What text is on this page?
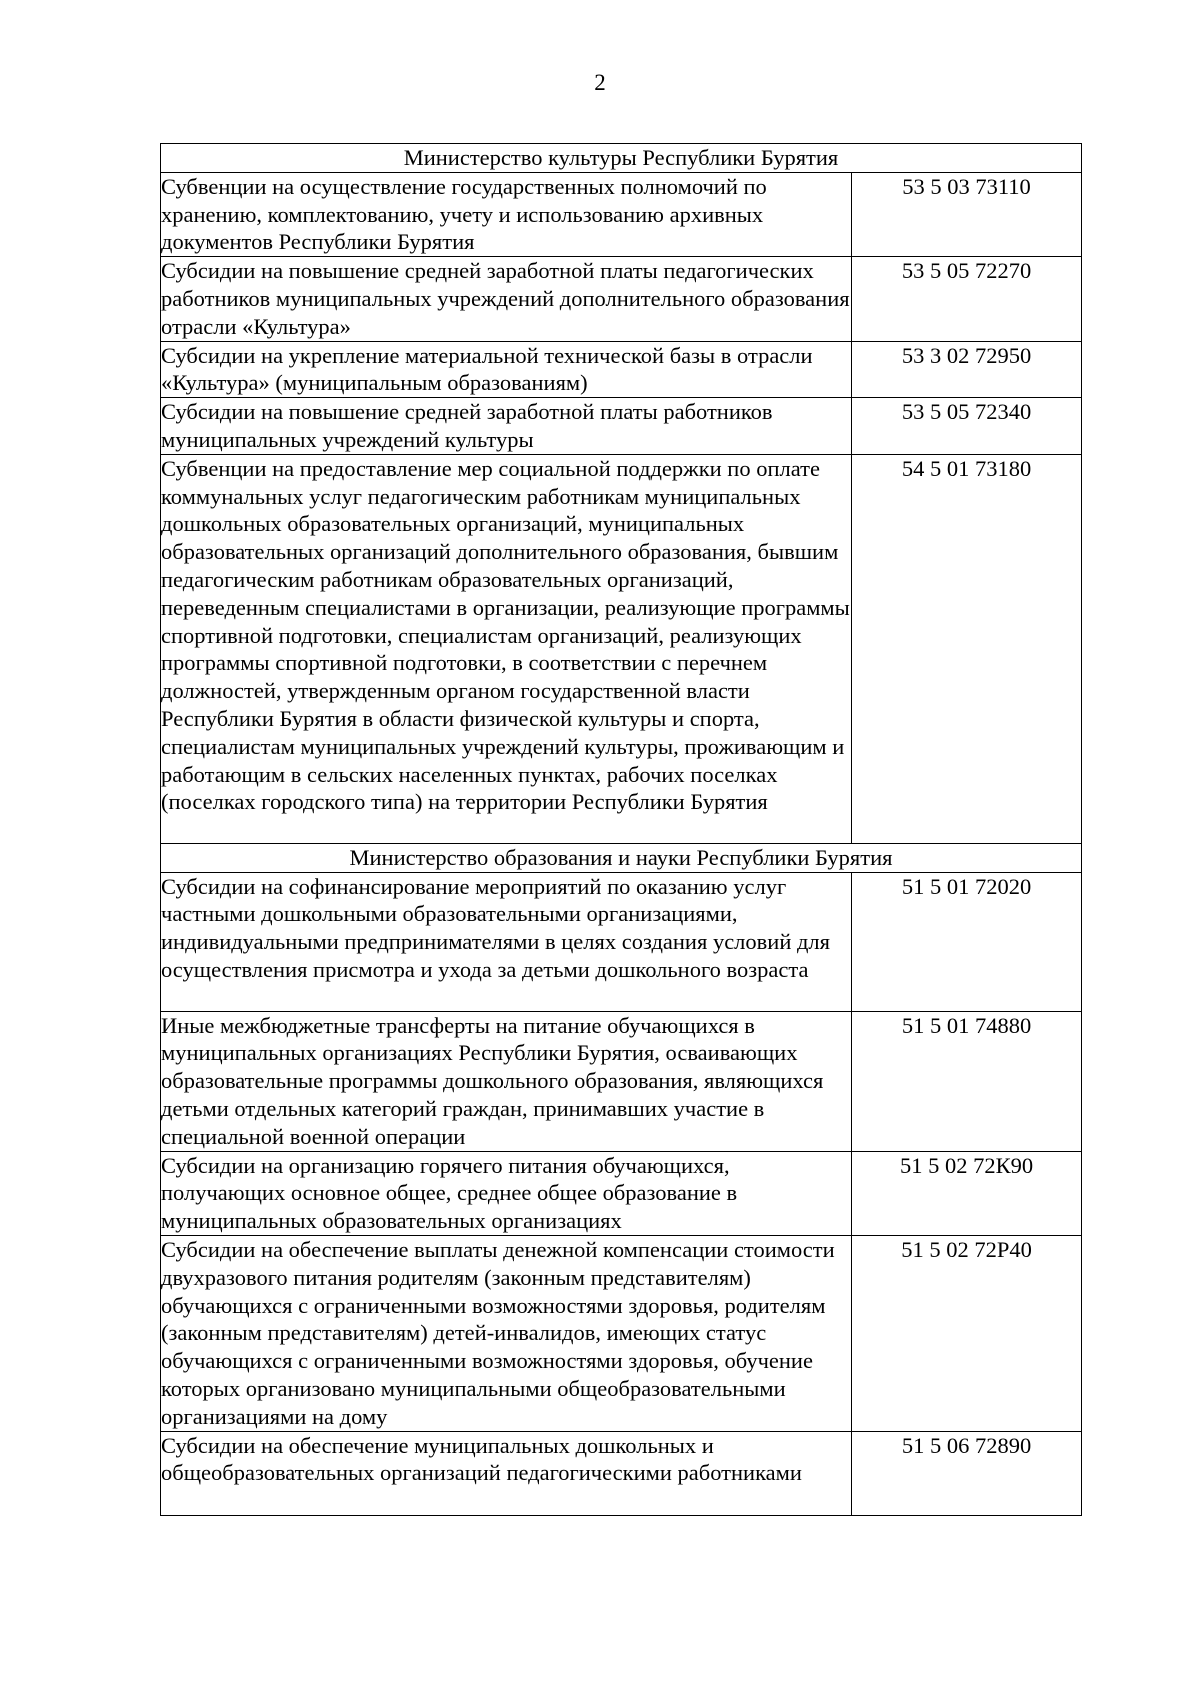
2
Министерство культуры Республики Бурятия	
Субвенции на осуществление государственных полномочий по хранению, комплектованию, учету и использованию архивных документов Республики Бурятия	53 5 03 73110
Субсидии на повышение средней заработной платы педагогических работников муниципальных учреждений дополнительного образования отрасли «Культура»	53 5 05 72270
Субсидии на укрепление материальной технической базы в отрасли «Культура» (муниципальным образованиям)	53 3 02 72950
Субсидии на повышение средней заработной платы работников муниципальных учреждений культуры	53 5 05 72340
Субвенции на предоставление мер социальной поддержки по оплате коммунальных услуг педагогическим работникам муниципальных дошкольных образовательных организаций, муниципальных образовательных организаций дополнительного образования, бывшим педагогическим работникам образовательных организаций, переведенным специалистами в организации, реализующие программы спортивной подготовки, специалистам организаций, реализующих программы спортивной подготовки, в соответствии с перечнем должностей, утвержденным органом государственной власти Республики Бурятия в области физической культуры и спорта, специалистам муниципальных учреждений культуры, проживающим и работающим в сельских населенных пунктах, рабочих поселках (поселках городского типа) на территории Республики Бурятия	54 5 01 73180
Министерство образования и науки Республики Бурятия	
Субсидии на софинансирование мероприятий по оказанию услуг частными дошкольными образовательными организациями, индивидуальными предпринимателями в целях создания условий для осуществления присмотра и ухода за детьми дошкольного возраста	51 5 01 72020
Иные межбюджетные трансферты на питание обучающихся в муниципальных организациях Республики Бурятия, осваивающих образовательные программы дошкольного образования, являющихся детьми отдельных категорий граждан, принимавших участие в специальной военной операции	51 5 01 74880
Субсидии на организацию горячего питания обучающихся, получающих основное общее, среднее общее образование в муниципальных образовательных организациях	51 5 02 72К90
Субсидии на обеспечение выплаты денежной компенсации стоимости двухразового питания родителям (законным представителям) обучающихся с ограниченными возможностями здоровья, родителям (законным представителям) детей-инвалидов, имеющих статус обучающихся с ограниченными возможностями здоровья, обучение которых организовано муниципальными общеобразовательными организациями на дому	51 5 02 72Р40
Субсидии на обеспечение муниципальных дошкольных и общеобразовательных организаций педагогическими работниками	51 5 06 72890
